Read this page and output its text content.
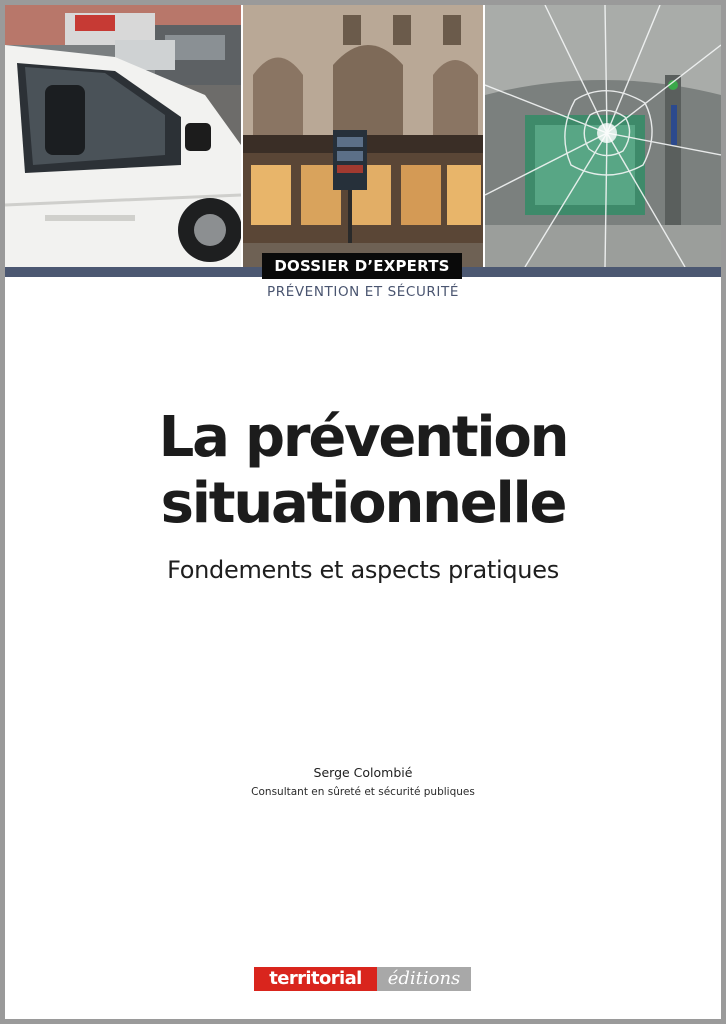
DOSSIER D’EXPERTS
PRÉVENTION ET SÉCURITÉ
La prévention
situationnelle
Fondements et aspects pratiques
Serge Colombié
Consultant en sûreté et sécurité publiques
territorial	éditions
